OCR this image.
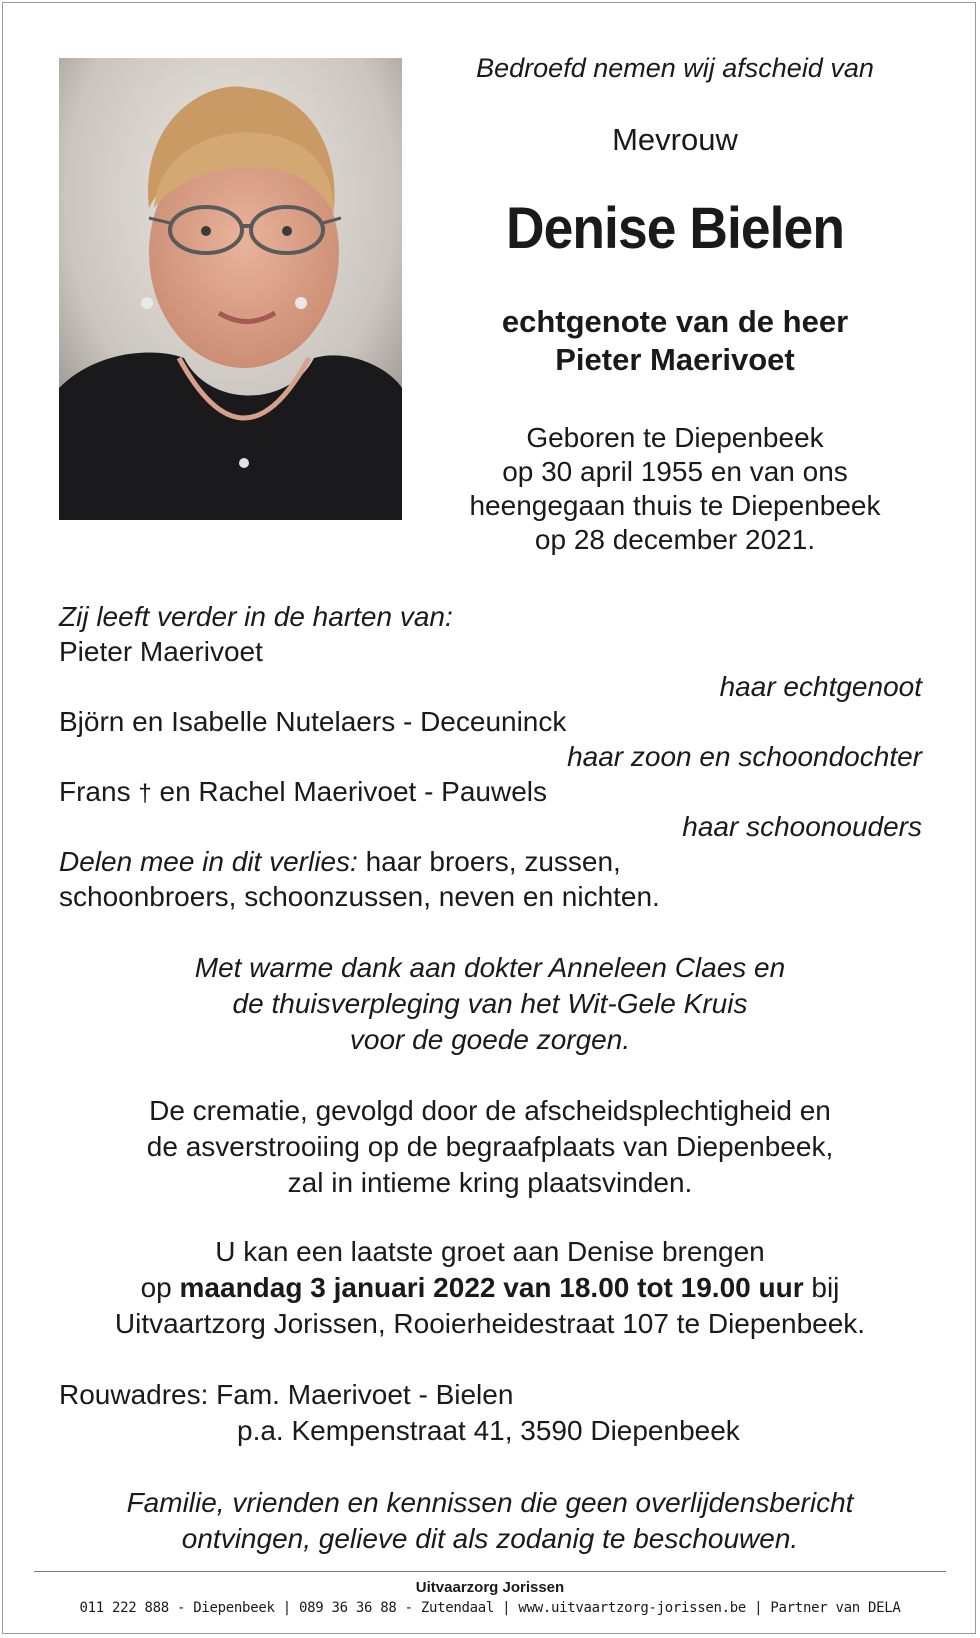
Bedroefd nemen wij afscheid van
Mevrouw
Denise Bielen
echtgenote van de heer
Pieter Maerivoet
Geboren te Diepenbeek
op 30 april 1955 en van ons
heengegaan thuis te Diepenbeek
op 28 december 2021.
Zij leeft verder in de harten van:
Pieter Maerivoet
haar echtgenoot
Björn en Isabelle Nutelaers - Deceuninck
haar zoon en schoondochter
Frans † en Rachel Maerivoet - Pauwels
haar schoonouders
Delen mee in dit verlies: haar broers, zussen,
schoonbroers, schoonzussen, neven en nichten.
Met warme dank aan dokter Anneleen Claes en
de thuisverpleging van het Wit-Gele Kruis
voor de goede zorgen.
De crematie, gevolgd door de afscheidsplechtigheid en
de asverstrooiing op de begraafplaats van Diepenbeek,
zal in intieme kring plaatsvinden.
U kan een laatste groet aan Denise brengen
op maandag 3 januari 2022 van 18.00 tot 19.00 uur bij
Uitvaartzorg Jorissen, Rooierheidestraat 107 te Diepenbeek.
Rouwadres: Fam. Maerivoet - Bielen
p.a. Kempenstraat 41, 3590 Diepenbeek
Familie, vrienden en kennissen die geen overlijdensbericht
ontvingen, gelieve dit als zodanig te beschouwen.
Uitvaarzorg Jorissen
011 222 888 - Diepenbeek | 089 36 36 88 - Zutendaal | www.uitvaartzorg-jorissen.be | Partner van DELA
